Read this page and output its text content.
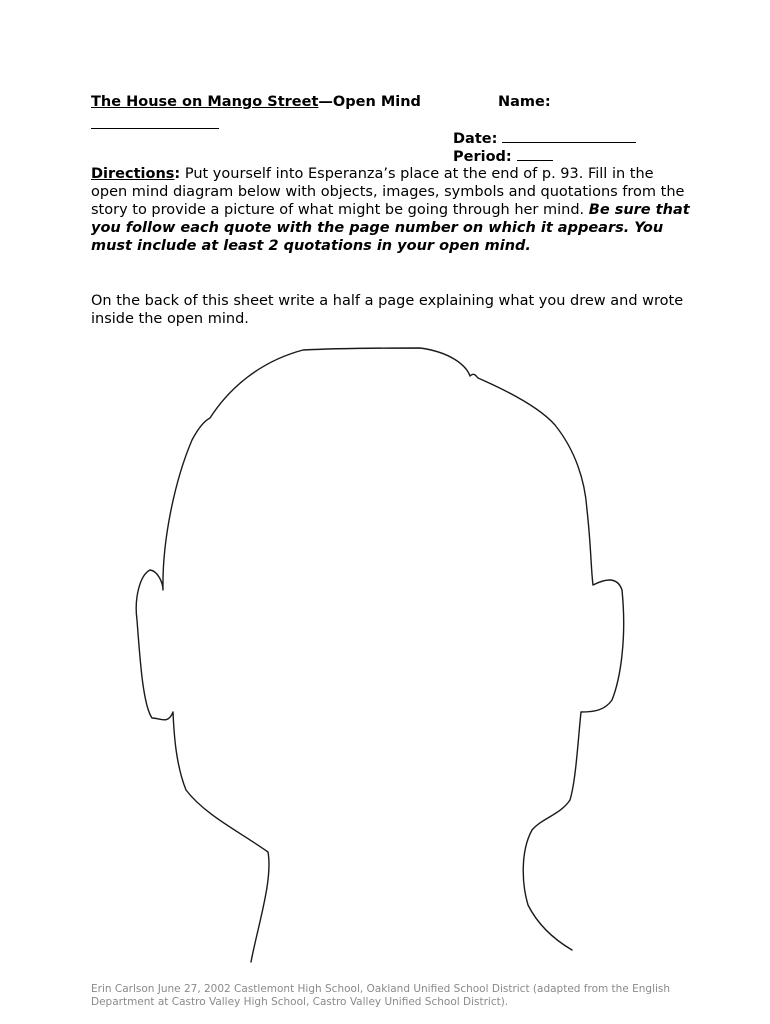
The House on Mango Street—Open Mind	Name:
Date:
Period:
Directions: Put yourself into Esperanza’s place at the end of p. 93. Fill in the open mind diagram below with objects, images, symbols and quotations from the story to provide a picture of what might be going through her mind. Be sure that you follow each quote with the page number on which it appears. You must include at least 2 quotations in your open mind.
On the back of this sheet write a half a page explaining what you drew and wrote inside the open mind.
Erin Carlson June 27, 2002 Castlemont High School, Oakland Unified School District (adapted from the English Department at Castro Valley High School, Castro Valley Unified School District).
